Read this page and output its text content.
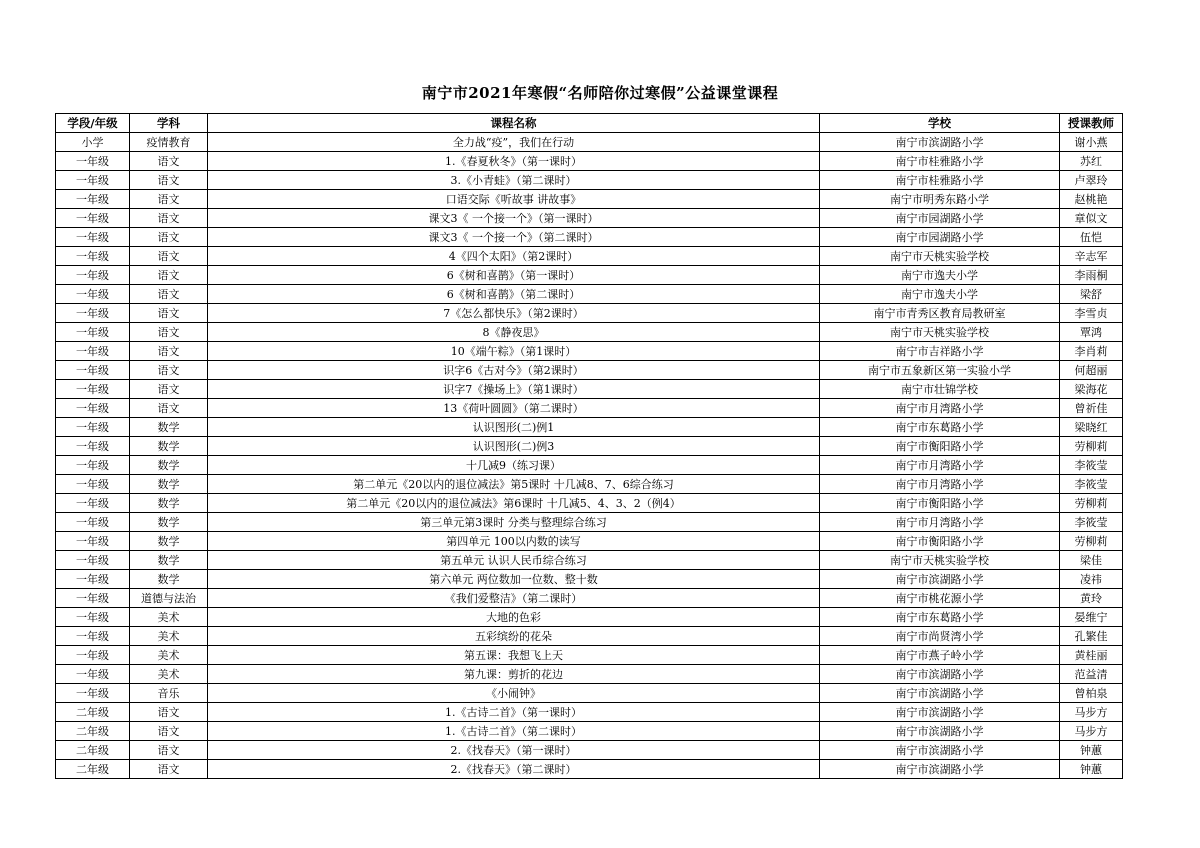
南宁市2021年寒假“名师陪你过寒假”公益课堂课程
学段/年级	学科	课程名称	学校	授课教师
小学	疫情教育	全力战“疫”，我们在行动	南宁市滨湖路小学	谢小燕
一年级	语文	1.《春夏秋冬》（第一课时）	南宁市桂雅路小学	苏红
一年级	语文	3.《小青蛙》（第二课时）	南宁市桂雅路小学	卢翠玲
一年级	语文	口语交际《听故事 讲故事》	南宁市明秀东路小学	赵桃艳
一年级	语文	课文3《 一个接一个》（第一课时）	南宁市园湖路小学	章似文
一年级	语文	课文3《 一个接一个》（第二课时）	南宁市园湖路小学	伍恺
一年级	语文	4《四个太阳》（第2课时）	南宁市天桃实验学校	辛志军
一年级	语文	6《树和喜鹊》（第一课时）	南宁市逸夫小学	李雨桐
一年级	语文	6《树和喜鹊》（第二课时）	南宁市逸夫小学	梁舒
一年级	语文	7《怎么都快乐》（第2课时）	南宁市青秀区教育局教研室	李雪贞
一年级	语文	8《静夜思》	南宁市天桃实验学校	覃鸿
一年级	语文	10《端午粽》（第1课时）	南宁市吉祥路小学	李肖莉
一年级	语文	识字6《古对今》（第2课时）	南宁市五象新区第一实验小学	何超丽
一年级	语文	识字7《操场上》（第1课时）	南宁市壮锦学校	梁海花
一年级	语文	13《荷叶圆圆》（第二课时）	南宁市月湾路小学	曾祈佳
一年级	数学	认识图形(二)例1	南宁市东葛路小学	梁晓红
一年级	数学	认识图形(二)例3	南宁市衡阳路小学	劳柳莉
一年级	数学	十几减9（练习课）	南宁市月湾路小学	李筱莹
一年级	数学	第二单元《20以内的退位减法》第5课时 十几减8、7、6综合练习	南宁市月湾路小学	李筱莹
一年级	数学	第二单元《20以内的退位减法》第6课时 十几减5、4、3、2（例4）	南宁市衡阳路小学	劳柳莉
一年级	数学	第三单元第3课时 分类与整理综合练习	南宁市月湾路小学	李筱莹
一年级	数学	第四单元 100以内数的读写	南宁市衡阳路小学	劳柳莉
一年级	数学	第五单元 认识人民币综合练习	南宁市天桃实验学校	梁佳
一年级	数学	第六单元 两位数加一位数、整十数	南宁市滨湖路小学	凌祎
一年级	道德与法治	《我们爱整洁》（第二课时）	南宁市桃花源小学	黄玲
一年级	美术	大地的色彩	南宁市东葛路小学	晏维宁
一年级	美术	五彩缤纷的花朵	南宁市尚贤湾小学	孔繁佳
一年级	美术	第五课：我想飞上天	南宁市燕子岭小学	黄桂丽
一年级	美术	第九课：剪折的花边	南宁市滨湖路小学	范益清
一年级	音乐	《小闹钟》	南宁市滨湖路小学	曾柏泉
二年级	语文	1.《古诗二首》（第一课时）	南宁市滨湖路小学	马步方
二年级	语文	1.《古诗二首》（第二课时）	南宁市滨湖路小学	马步方
二年级	语文	2.《找春天》（第一课时）	南宁市滨湖路小学	钟蕙
二年级	语文	2.《找春天》（第二课时）	南宁市滨湖路小学	钟蕙
